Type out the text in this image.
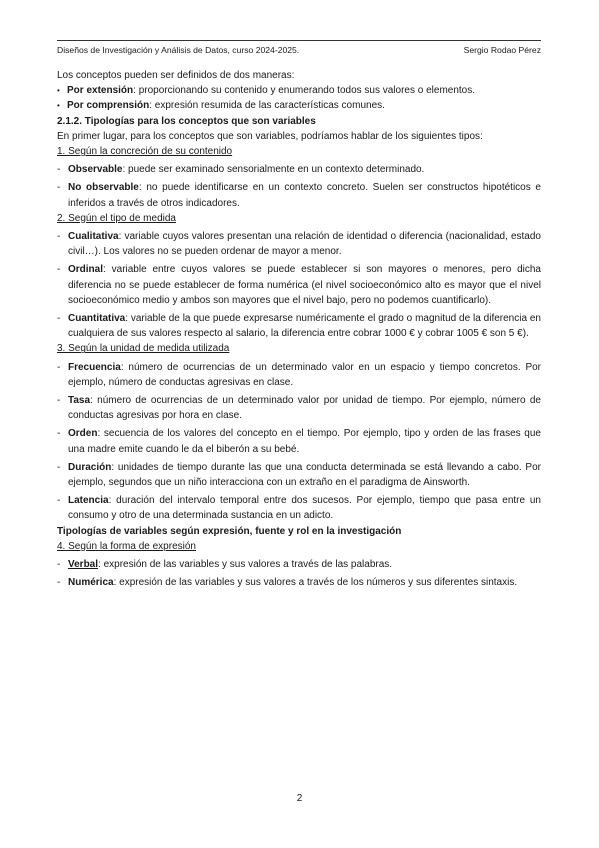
Diseños de Investigación y Análisis de Datos, curso 2024-2025.	Sergio Rodao Pérez

Los conceptos pueden ser definidos de dos maneras:

• Por extensión: proporcionando su contenido y enumerando todos sus valores o elementos.
• Por comprensión: expresión resumida de las características comunes.

2.1.2. Tipologías para los conceptos que son variables

En primer lugar, para los conceptos que son variables, podríamos hablar de los siguientes tipos:

1. Según la concreción de su contenido

- Observable: puede ser examinado sensorialmente en un contexto determinado.
- No observable: no puede identificarse en un contexto concreto. Suelen ser constructos hipotéticos e inferidos a través de otros indicadores.

2. Según el tipo de medida

- Cualitativa: variable cuyos valores presentan una relación de identidad o diferencia (nacionalidad, estado civil…). Los valores no se pueden ordenar de mayor a menor.
- Ordinal: variable entre cuyos valores se puede establecer si son mayores o menores, pero dicha diferencia no se puede establecer de forma numérica (el nivel socioeconómico alto es mayor que el nivel socioeconómico medio y ambos son mayores que el nivel bajo, pero no podemos cuantificarlo).
- Cuantitativa: variable de la que puede expresarse numéricamente el grado o magnitud de la diferencia en cualquiera de sus valores respecto al salario, la diferencia entre cobrar 1000 € y cobrar 1005 € son 5 €).

3. Según la unidad de medida utilizada

- Frecuencia: número de ocurrencias de un determinado valor en un espacio y tiempo concretos. Por ejemplo, número de conductas agresivas en clase.
- Tasa: número de ocurrencias de un determinado valor por unidad de tiempo. Por ejemplo, número de conductas agresivas por hora en clase.
- Orden: secuencia de los valores del concepto en el tiempo. Por ejemplo, tipo y orden de las frases que una madre emite cuando le da el biberón a su bebé.
- Duración: unidades de tiempo durante las que una conducta determinada se está llevando a cabo. Por ejemplo, segundos que un niño interacciona con un extraño en el paradigma de Ainsworth.
- Latencia: duración del intervalo temporal entre dos sucesos. Por ejemplo, tiempo que pasa entre un consumo y otro de una determinada sustancia en un adicto.

Tipologías de variables según expresión, fuente y rol en la investigación

4. Según la forma de expresión

- Verbal: expresión de las variables y sus valores a través de las palabras.
- Numérica: expresión de las variables y sus valores a través de los números y sus diferentes sintaxis.
2
